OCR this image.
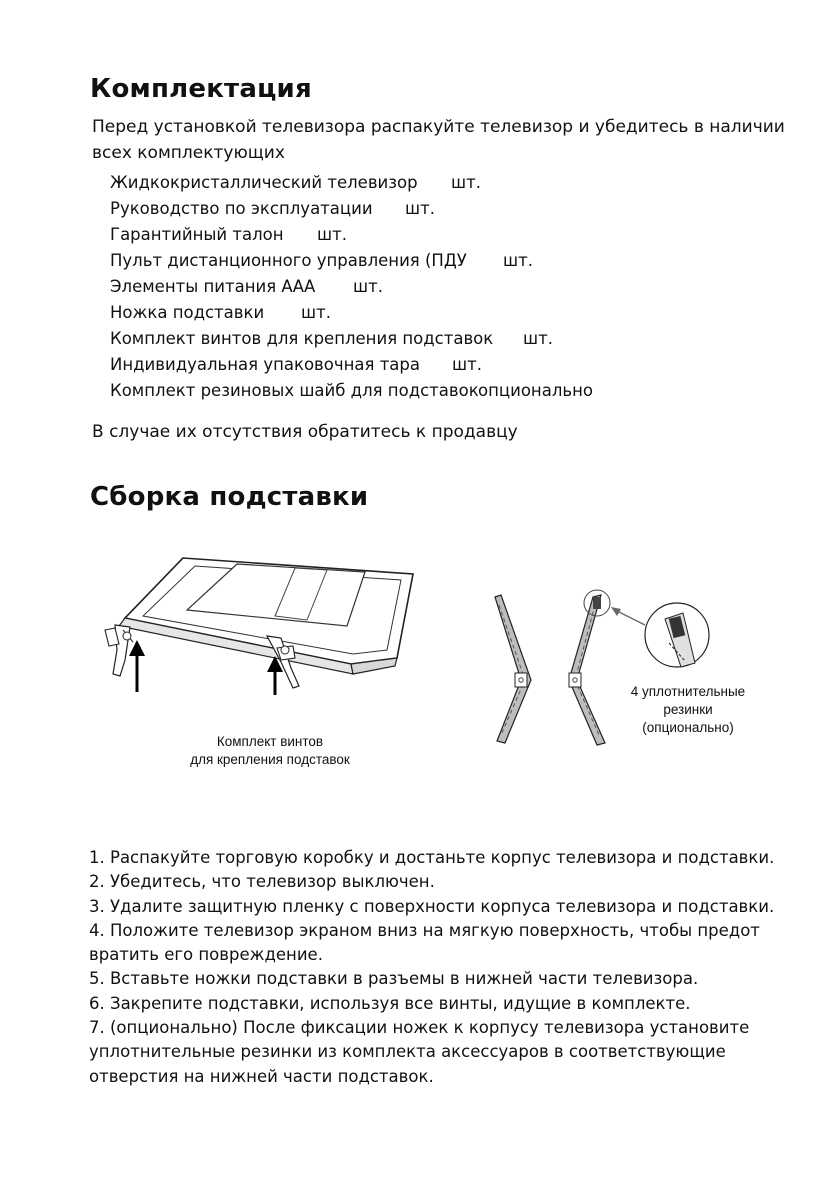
Комплектация
Перед установкой телевизора распакуйте телевизор и убедитесь в наличии
всех комплектующих
Жидкокристаллический телевизор шт.
Руководство по эксплуатации шт.
Гарантийный талон шт.
Пульт дистанционного управления (ПДУ шт.
Элементы питания ААА шт.
Ножка подставки шт.
Комплект винтов для крепления подставок шт.
Индивидуальная упаковочная тара шт.
Комплект резиновых шайб для подставок опционально
В случае их отсутствия обратитесь к продавцу
Сборка подставки
Комплект винтов
для крепления подставок
4 уплотнительные
резинки
(опционально)
1. Распакуйте торговую коробку и достаньте корпус телевизора и подставки.
2. Убедитесь, что телевизор выключен.
3. Удалите защитную пленку с поверхности корпуса телевизора и подставки.
4. Положите телевизор экраном вниз на мягкую поверхность, чтобы предот
вратить его повреждение.
5. Вставьте ножки подставки в разъемы в нижней части телевизора.
6. Закрепите подставки, используя все винты, идущие в комплекте.
7. (опционально) После фиксации ножек к корпусу телевизора установите
уплотнительные резинки из комплекта аксессуаров в соответствующие
отверстия на нижней части подставок.
